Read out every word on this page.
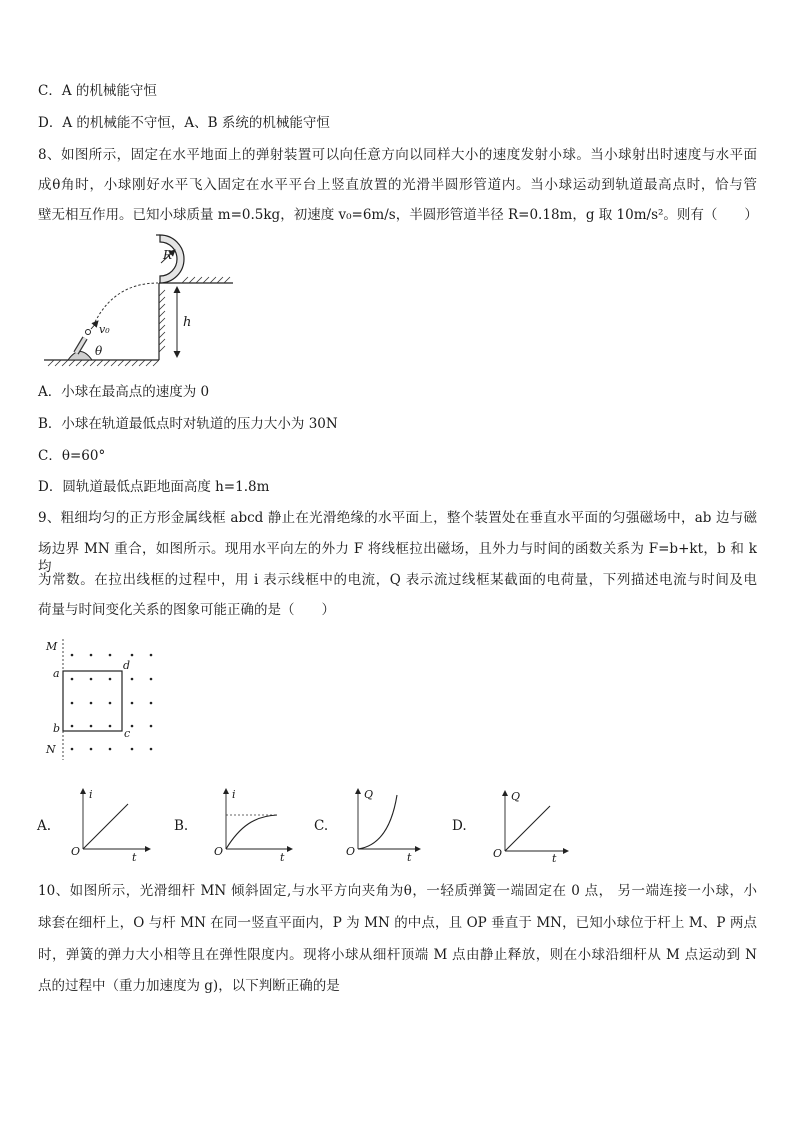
C．A 的机械能守恒
D．A 的机械能不守恒，A、B 系统的机械能守恒
8、如图所示，固定在水平地面上的弹射装置可以向任意方向以同样大小的速度发射小球。当小球射出时速度与水平面
成θ角时，小球刚好水平飞入固定在水平平台上竖直放置的光滑半圆形管道内。当小球运动到轨道最高点时，恰与管
壁无相互作用。已知小球质量 m=0.5kg，初速度 v₀=6m/s，半圆形管道半径 R=0.18m，g 取 10m/s²。则有（　　）
R
v₀
θ
h
A．小球在最高点的速度为 0
B．小球在轨道最低点时对轨道的压力大小为 30N
C．θ=60°
D．圆轨道最低点距地面高度 h=1.8m
9、粗细均匀的正方形金属线框 abcd 静止在光滑绝缘的水平面上，整个装置处在垂直水平面的匀强磁场中，ab 边与磁
场边界 MN 重合，如图所示。现用水平向左的外力 F 将线框拉出磁场，且外力与时间的函数关系为 F=b+kt，b 和 k 均
为常数。在拉出线框的过程中，用 i 表示线框中的电流，Q 表示流过线框某截面的电荷量，下列描述电流与时间及电
荷量与时间变化关系的图象可能正确的是（　　）
M
N
a
d
b	c
A.
i
t
O
B.
i
t
O
C.
Q
t
O
D.
Q
t
O
10、如图所示，光滑细杆 MN 倾斜固定,与水平方向夹角为θ，一轻质弹簧一端固定在 0 点， 另一端连接一小球，小
球套在细杆上，O 与杆 MN 在同一竖直平面内，P 为 MN 的中点，且 OP 垂直于 MN，已知小球位于杆上 M、P 两点
时，弹簧的弹力大小相等且在弹性限度内。现将小球从细杆顶端 M 点由静止释放，则在小球沿细杆从 M 点运动到 N
点的过程中（重力加速度为 g)，以下判断正确的是
